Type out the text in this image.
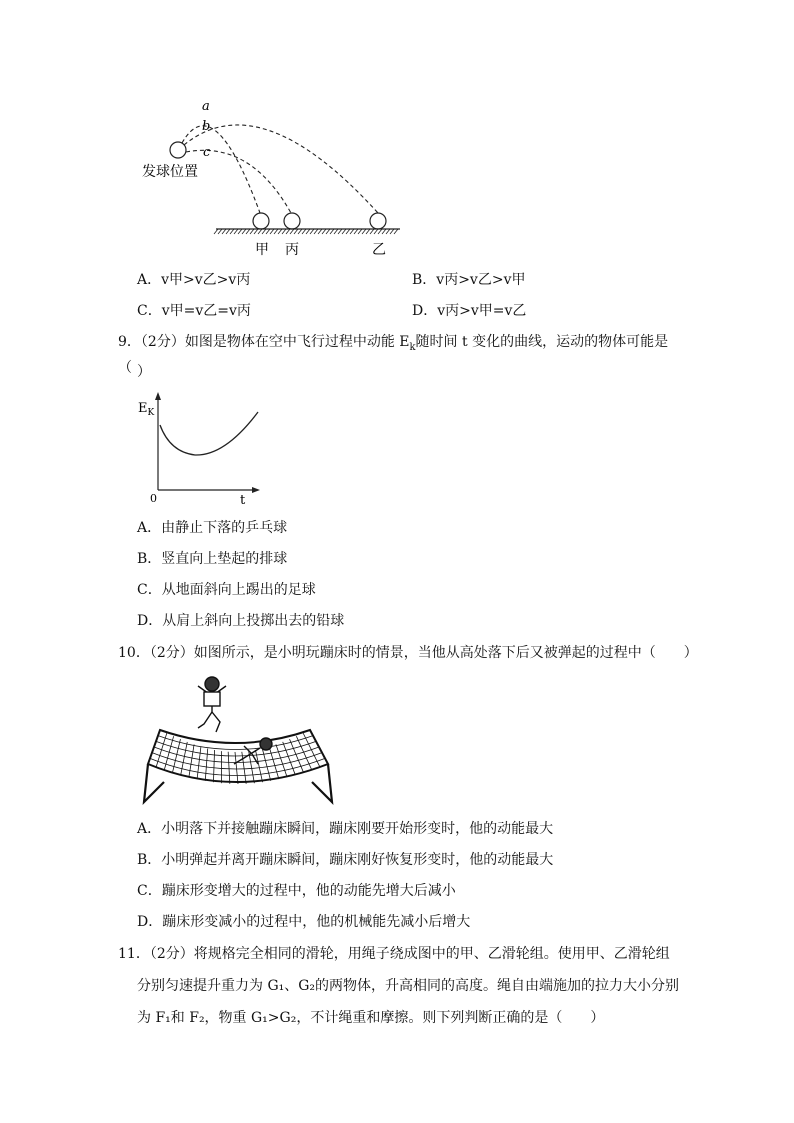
a
b
c
发球位置
甲 丙	乙
A．v甲>v乙>v丙	B．v丙>v乙>v甲
C．v甲=v乙=v丙	D．v丙>v甲=v乙
9．（2分）如图是物体在空中飞行过程中动能 $E_k$随时间 t 变化的曲线，运动的物体可能是（ ）
$E_K$
0	t
A．由静止下落的乒乓球
B．竖直向上垫起的排球
C．从地面斜向上踢出的足球
D．从肩上斜向上投掷出去的铅球
10．（2分）如图所示，是小明玩蹦床时的情景，当他从高处落下后又被弹起的过程中（　　）
A．小明落下并接触蹦床瞬间，蹦床刚要开始形变时，他的动能最大
B．小明弹起并离开蹦床瞬间，蹦床刚好恢复形变时，他的动能最大
C．蹦床形变增大的过程中，他的动能先增大后减小
D．蹦床形变减小的过程中，他的机械能先减小后增大
11．（2分）将规格完全相同的滑轮，用绳子绕成图中的甲、乙滑轮组。使用甲、乙滑轮组
分别匀速提升重力为 G₁、G₂的两物体，升高相同的高度。绳自由端施加的拉力大小分别
为 F₁和 F₂，物重 G₁>G₂，不计绳重和摩擦。则下列判断正确的是（　　）
